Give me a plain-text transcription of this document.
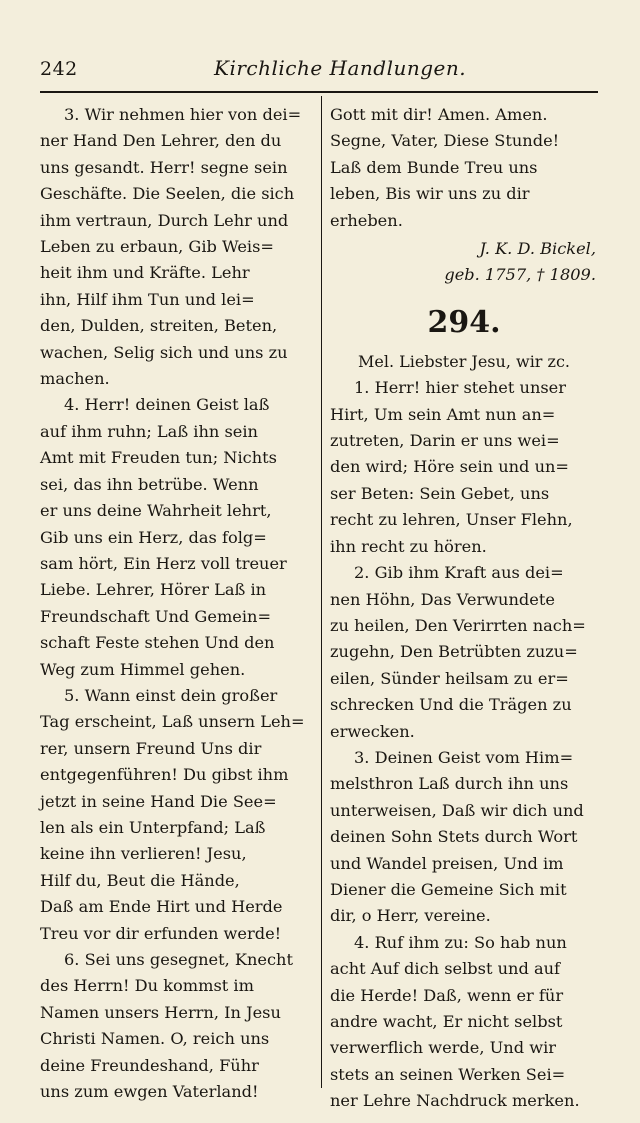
242	Kirchliche Handlungen.
3. Wir nehmen hier von dei=
ner Hand Den Lehrer, den du
uns gesandt. Herr! segne sein
Geschäfte. Die Seelen, die sich
ihm vertraun, Durch Lehr und
Leben zu erbaun, Gib Weis=
heit ihm und Kräfte. Lehr
ihn, Hilf ihm Tun und lei=
den, Dulden, streiten, Beten,
wachen, Selig sich und uns zu
machen.
4. Herr! deinen Geist laß
auf ihm ruhn; Laß ihn sein
Amt mit Freuden tun; Nichts
sei, das ihn betrübe. Wenn
er uns deine Wahrheit lehrt,
Gib uns ein Herz, das folg=
sam hört, Ein Herz voll treuer
Liebe. Lehrer, Hörer Laß in
Freundschaft Und Gemein=
schaft Feste stehen Und den
Weg zum Himmel gehen.
5. Wann einst dein großer
Tag erscheint, Laß unsern Leh=
rer, unsern Freund Uns dir
entgegenführen! Du gibst ihm
jetzt in seine Hand Die See=
len als ein Unterpfand; Laß
keine ihn verlieren! Jesu,
Hilf du, Beut die Hände,
Daß am Ende Hirt und Herde
Treu vor dir erfunden werde!
6. Sei uns gesegnet, Knecht
des Herrn! Du kommst im
Namen unsers Herrn, In Jesu
Christi Namen. O, reich uns
deine Freundeshand, Führ
uns zum ewgen Vaterland!
Gott mit dir! Amen. Amen.
Segne, Vater, Diese Stunde!
Laß dem Bunde Treu uns
leben, Bis wir uns zu dir
erheben.
J. K. D. Bickel,
geb. 1757, † 1809.
294.
Mel. Liebster Jesu, wir zc.
1. Herr! hier stehet unser
Hirt, Um sein Amt nun an=
zutreten, Darin er uns wei=
den wird; Höre sein und un=
ser Beten: Sein Gebet, uns
recht zu lehren, Unser Flehn,
ihn recht zu hören.
2. Gib ihm Kraft aus dei=
nen Höhn, Das Verwundete
zu heilen, Den Verirrten nach=
zugehn, Den Betrübten zuzu=
eilen, Sünder heilsam zu er=
schrecken Und die Trägen zu
erwecken.
3. Deinen Geist vom Him=
melsthron Laß durch ihn uns
unterweisen, Daß wir dich und
deinen Sohn Stets durch Wort
und Wandel preisen, Und im
Diener die Gemeine Sich mit
dir, o Herr, vereine.
4. Ruf ihm zu: So hab nun
acht Auf dich selbst und auf
die Herde! Daß, wenn er für
andre wacht, Er nicht selbst
verwerflich werde, Und wir
stets an seinen Werken Sei=
ner Lehre Nachdruck merken.
